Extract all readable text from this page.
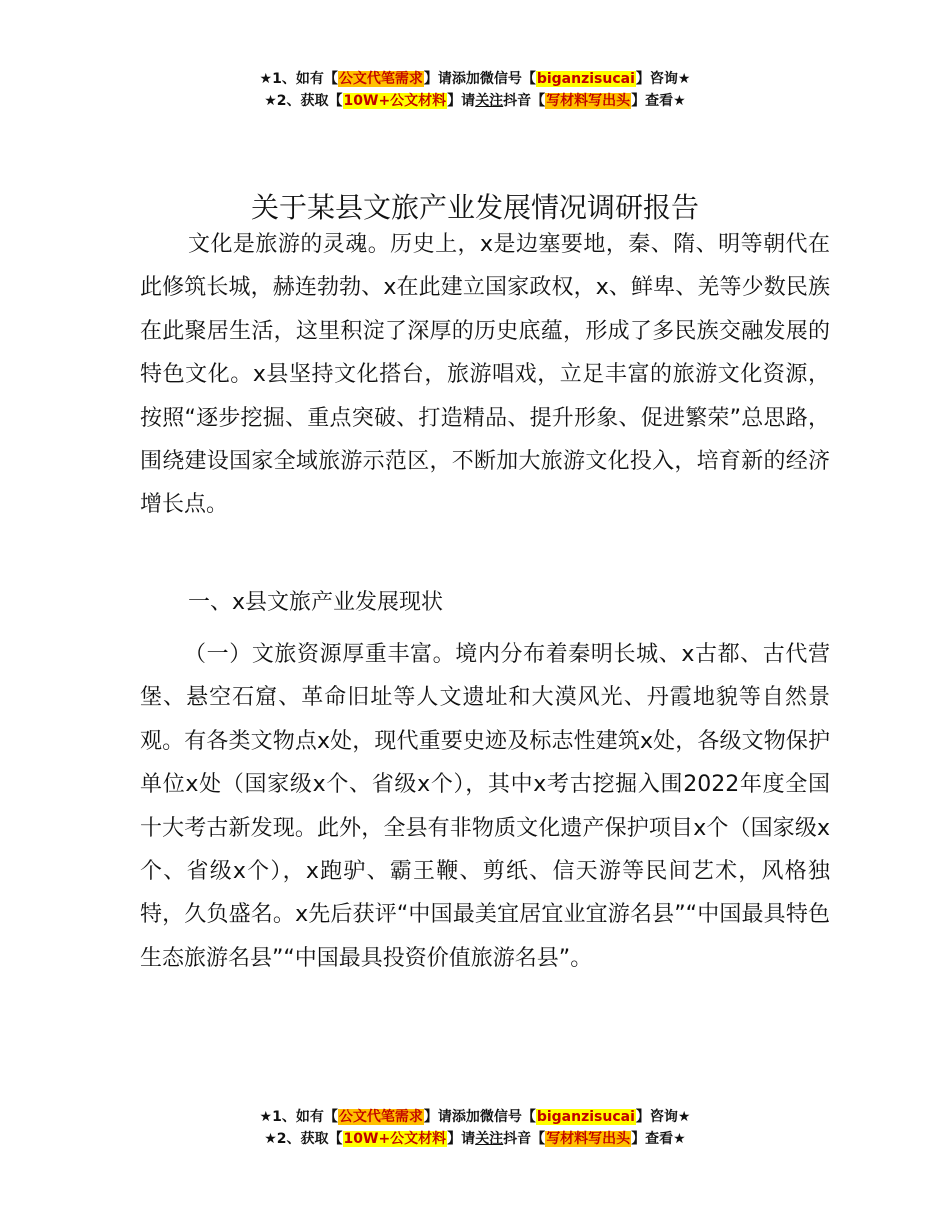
★1、如有【公文代笔需求】请添加微信号【biganzisucai】咨询★
★2、获取【10W+公文材料】请关注抖音【写材料写出头】查看★
关于某县文旅产业发展情况调研报告

文化是旅游的灵魂。历史上，x是边塞要地，秦、隋、明等朝代在此修筑长城，赫连勃勃、x在此建立国家政权，x、鲜卑、羌等少数民族在此聚居生活，这里积淀了深厚的历史底蕴，形成了多民族交融发展的特色文化。x县坚持文化搭台，旅游唱戏，立足丰富的旅游文化资源，按照“逐步挖掘、重点突破、打造精品、提升形象、促进繁荣”总思路，围绕建设国家全域旅游示范区，不断加大旅游文化投入，培育新的经济增长点。

一、x县文旅产业发展现状

（一）文旅资源厚重丰富。境内分布着秦明长城、x古都、古代营堡、悬空石窟、革命旧址等人文遗址和大漠风光、丹霞地貌等自然景观。有各类文物点x处，现代重要史迹及标志性建筑x处，各级文物保护单位x处（国家级x个、省级x个），其中x考古挖掘入围2022年度全国十大考古新发现。此外，全县有非物质文化遗产保护项目x个（国家级x个、省级x个），x跑驴、霸王鞭、剪纸、信天游等民间艺术，风格独特，久负盛名。x先后获评“中国最美宜居宜业宜游名县”“中国最具特色生态旅游名县”“中国最具投资价值旅游名县”。

★1、如有【公文代笔需求】请添加微信号【biganzisucai】咨询★
★2、获取【10W+公文材料】请关注抖音【写材料写出头】查看★
